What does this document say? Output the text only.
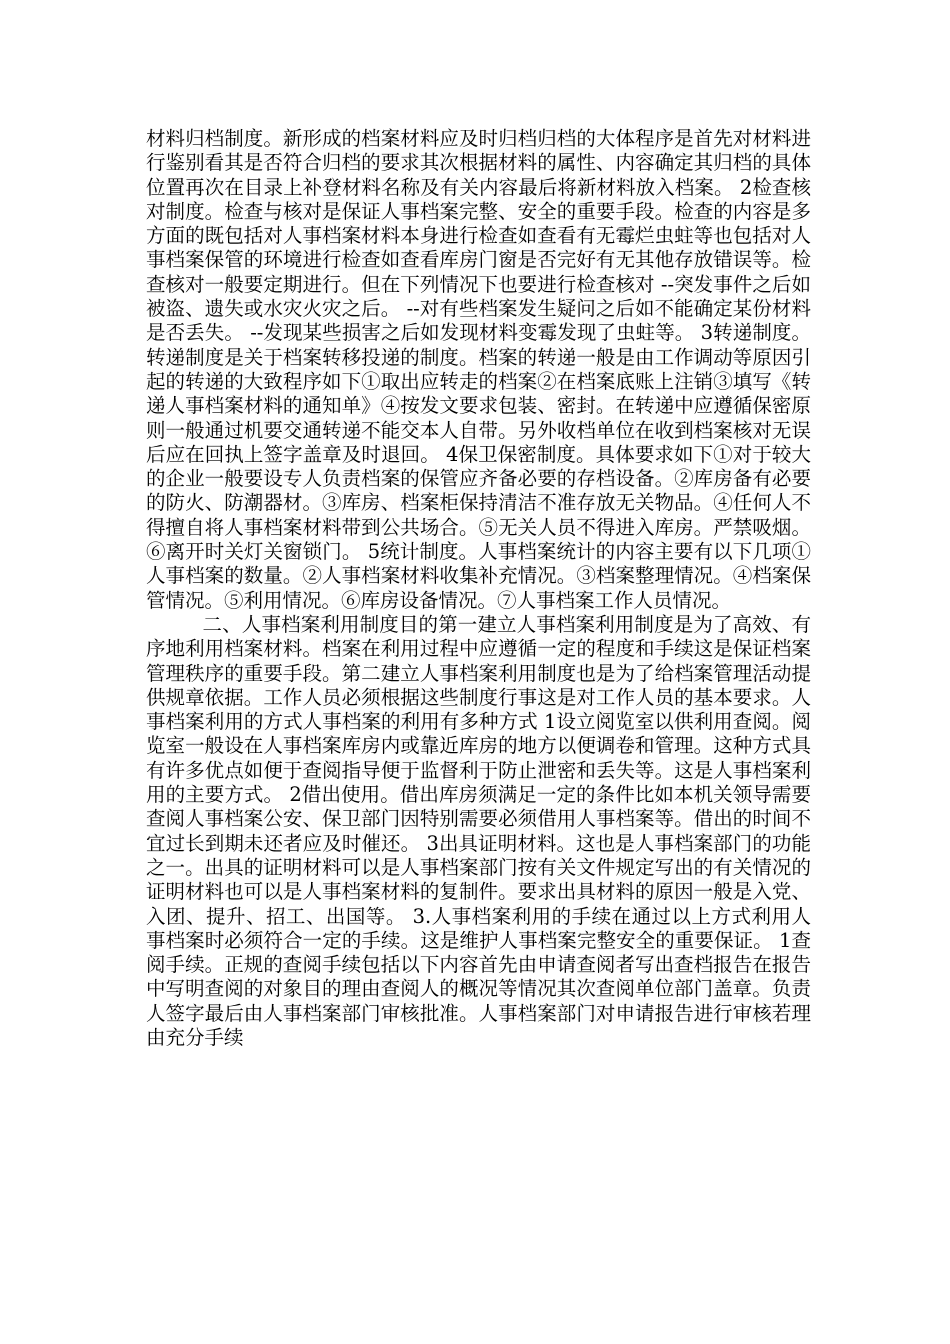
材料归档制度。新形成的档案材料应及时归档归档的大体程序是首先对材料进行鉴别看其是否符合归档的要求其次根据材料的属性、内容确定其归档的具体位置再次在目录上补登材料名称及有关内容最后将新材料放入档案。 2检查核对制度。检查与核对是保证人事档案完整、安全的重要手段。检查的内容是多方面的既包括对人事档案材料本身进行检查如查看有无霉烂虫蛀等也包括对人事档案保管的环境进行检查如查看库房门窗是否完好有无其他存放错误等。检查核对一般要定期进行。但在下列情况下也要进行检查核对 --突发事件之后如被盗、遗失或水灾火灾之后。 --对有些档案发生疑问之后如不能确定某份材料是否丢失。 --发现某些损害之后如发现材料变霉发现了虫蛀等。 3转递制度。转递制度是关于档案转移投递的制度。档案的转递一般是由工作调动等原因引起的转递的大致程序如下①取出应转走的档案②在档案底账上注销③填写《转递人事档案材料的通知单》④按发文要求包装、密封。在转递中应遵循保密原则一般通过机要交通转递不能交本人自带。另外收档单位在收到档案核对无误后应在回执上签字盖章及时退回。 4保卫保密制度。具体要求如下①对于较大的企业一般要设专人负责档案的保管应齐备必要的存档设备。②库房备有必要的防火、防潮器材。③库房、档案柜保持清洁不准存放无关物品。④任何人不得擅自将人事档案材料带到公共场合。⑤无关人员不得进入库房。严禁吸烟。⑥离开时关灯关窗锁门。 5统计制度。人事档案统计的内容主要有以下几项①人事档案的数量。②人事档案材料收集补充情况。③档案整理情况。④档案保管情况。⑤利用情况。⑥库房设备情况。⑦人事档案工作人员情况。

二、人事档案利用制度目的第一建立人事档案利用制度是为了高效、有序地利用档案材料。档案在利用过程中应遵循一定的程度和手续这是保证档案管理秩序的重要手段。第二建立人事档案利用制度也是为了给档案管理活动提供规章依据。工作人员必须根据这些制度行事这是对工作人员的基本要求。人事档案利用的方式人事档案的利用有多种方式 1设立阅览室以供利用查阅。阅览室一般设在人事档案库房内或靠近库房的地方以便调卷和管理。这种方式具有许多优点如便于查阅指导便于监督利于防止泄密和丢失等。这是人事档案利用的主要方式。 2借出使用。借出库房须满足一定的条件比如本机关领导需要查阅人事档案公安、保卫部门因特别需要必须借用人事档案等。借出的时间不宜过长到期未还者应及时催还。 3出具证明材料。这也是人事档案部门的功能之一。出具的证明材料可以是人事档案部门按有关文件规定写出的有关情况的证明材料也可以是人事档案材料的复制件。要求出具材料的原因一般是入党、入团、提升、招工、出国等。 3.人事档案利用的手续在通过以上方式利用人事档案时必须符合一定的手续。这是维护人事档案完整安全的重要保证。 1查阅手续。正规的查阅手续包括以下内容首先由申请查阅者写出查档报告在报告中写明查阅的对象目的理由查阅人的概况等情况其次查阅单位部门盖章。负责人签字最后由人事档案部门审核批准。人事档案部门对申请报告进行审核若理由充分手续
